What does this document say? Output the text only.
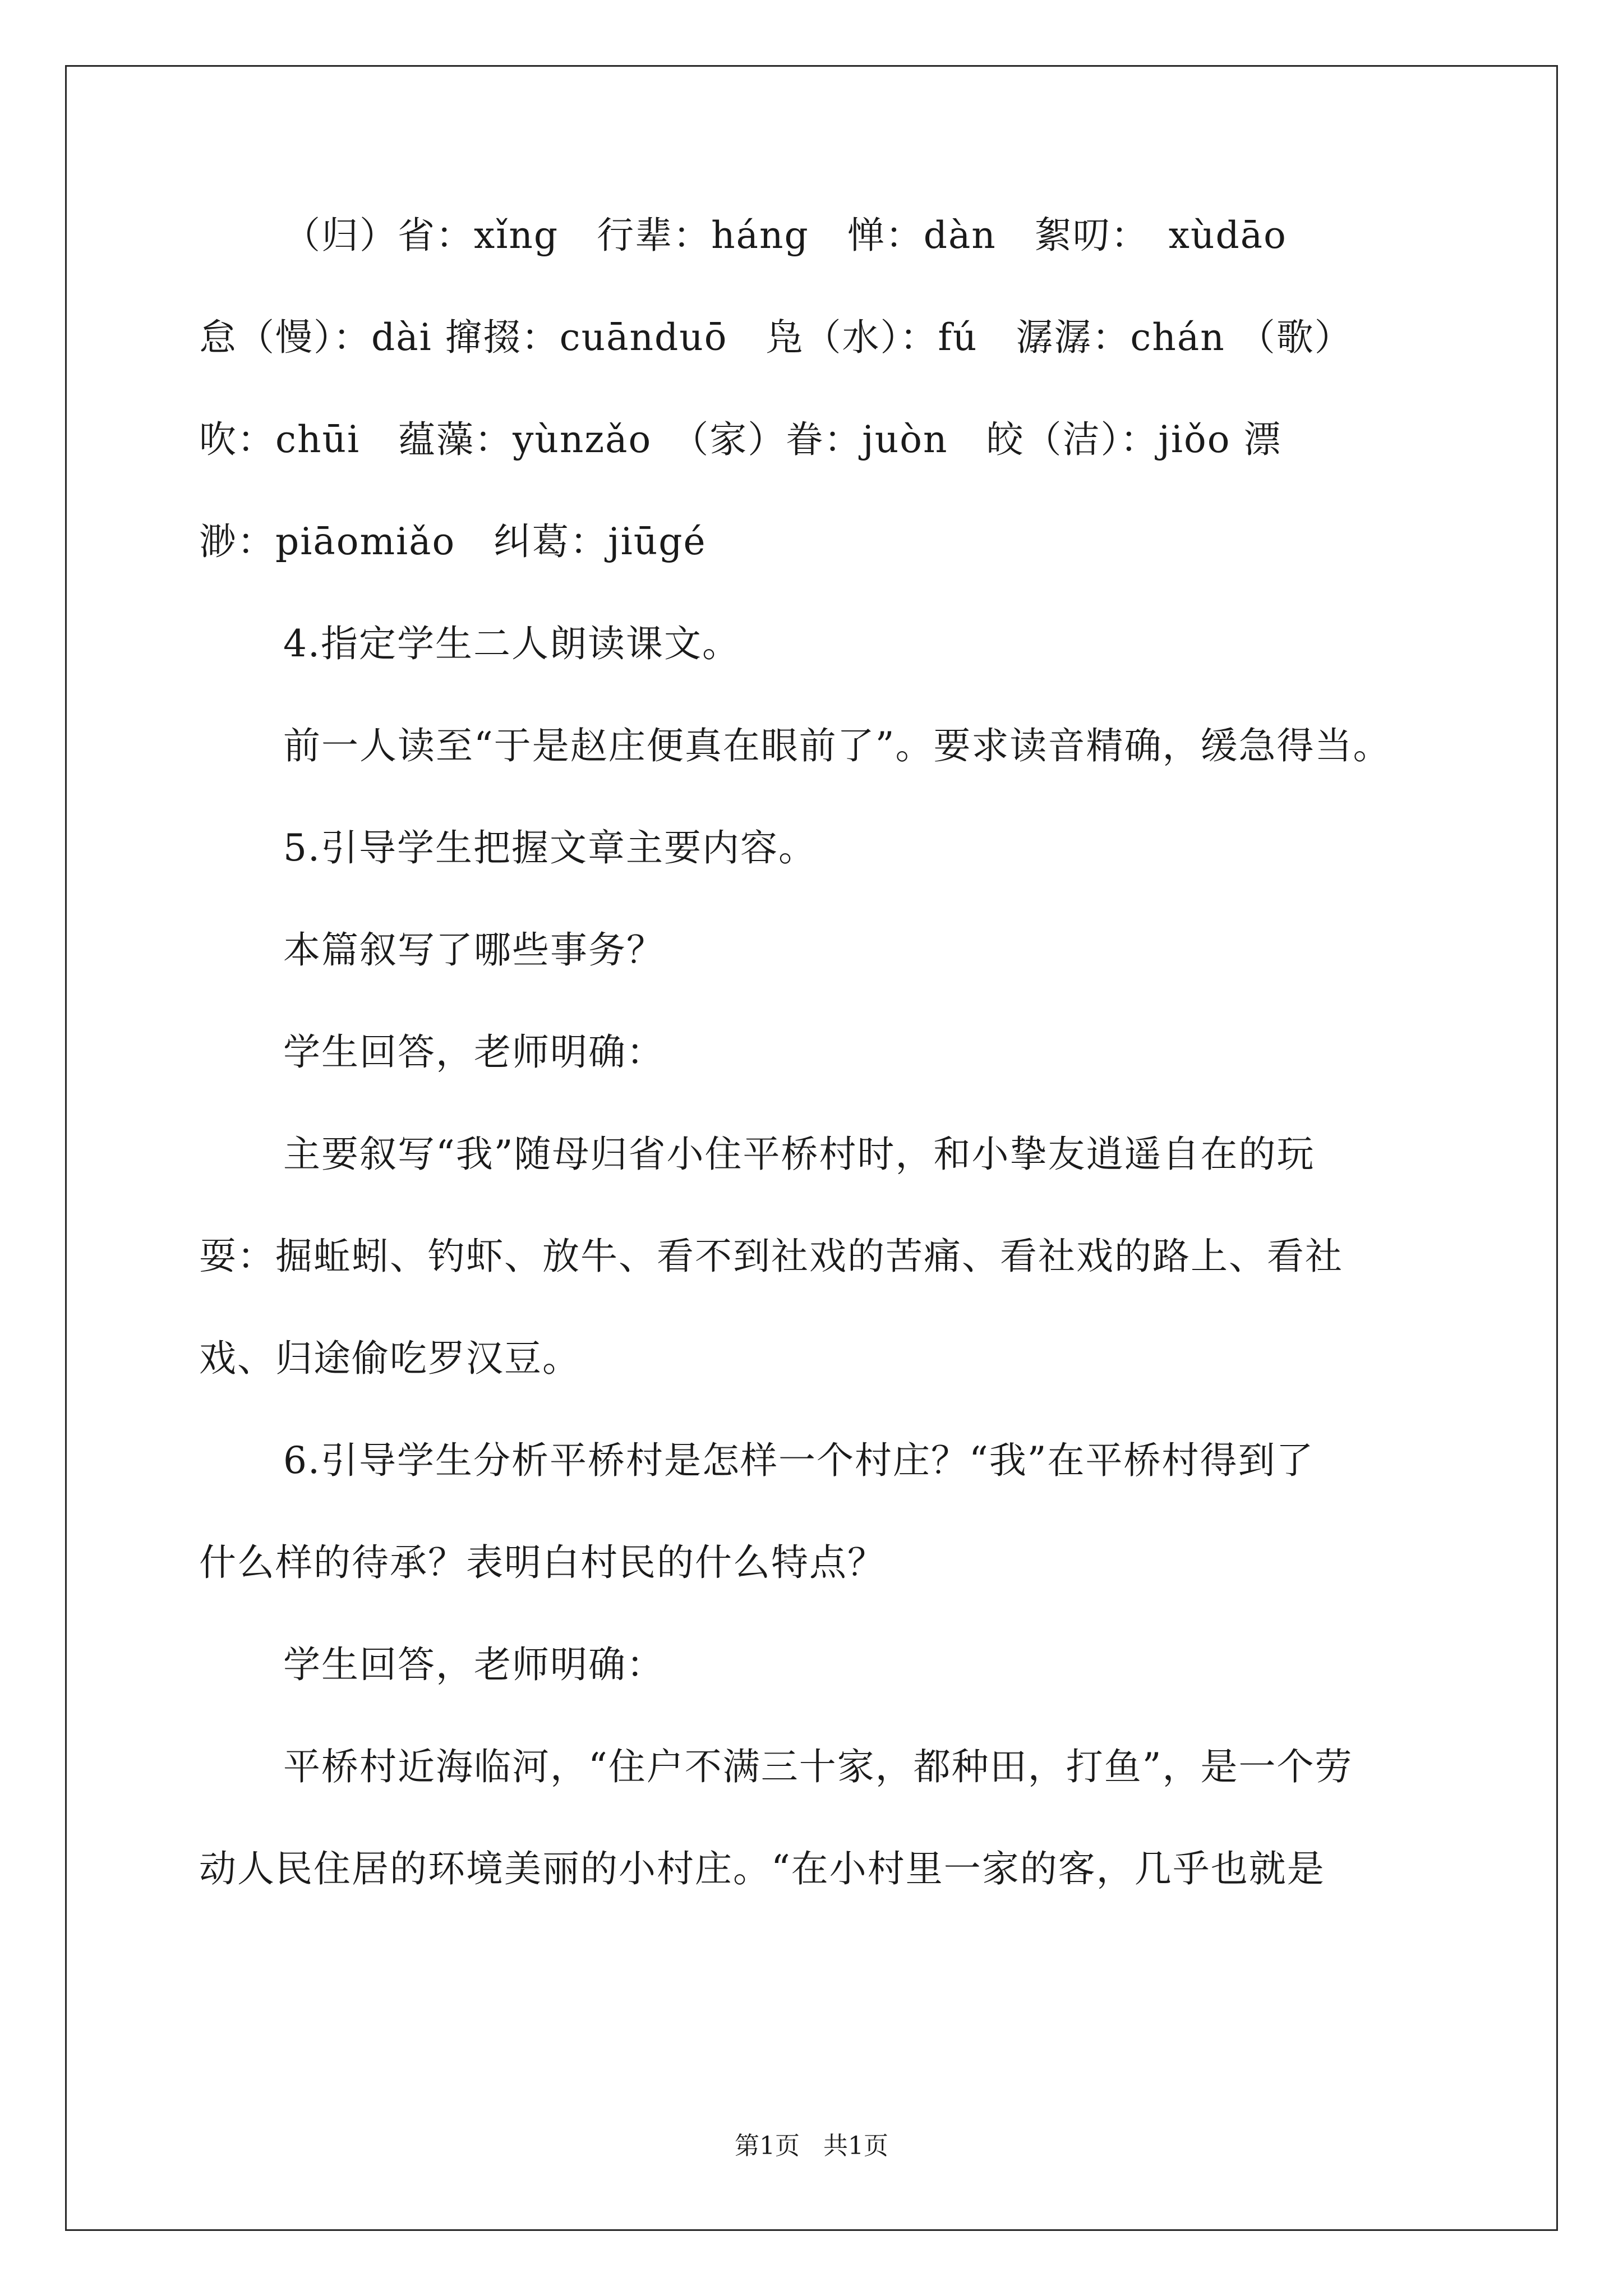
（归）省：xǐng　行辈：háng　惮：dàn　絮叨：　xùdāo
怠（慢）：dài 撺掇：cuānduō　凫（水）：fú　潺潺：chán （歌）
吹：chūi　蕴藻：yùnzǎo　（家）眷：juòn　皎（洁）：jiǒo 漂
渺：piāomiǎo　纠葛：jiūgé
4.指定学生二人朗读课文。
前一人读至“于是赵庄便真在眼前了”。要求读音精确，缓急得当。
5.引导学生把握文章主要内容。
本篇叙写了哪些事务？
学生回答，老师明确：
主要叙写“我”随母归省小住平桥村时，和小挚友逍遥自在的玩
耍：掘蚯蚓、钓虾、放牛、看不到社戏的苦痛、看社戏的路上、看社
戏、归途偷吃罗汉豆。
6.引导学生分析平桥村是怎样一个村庄？“我”在平桥村得到了
什么样的待承？表明白村民的什么特点？
学生回答，老师明确：
平桥村近海临河，“住户不满三十家，都种田，打鱼”，是一个劳
动人民住居的环境美丽的小村庄。“在小村里一家的客，几乎也就是
第1页 共1页
